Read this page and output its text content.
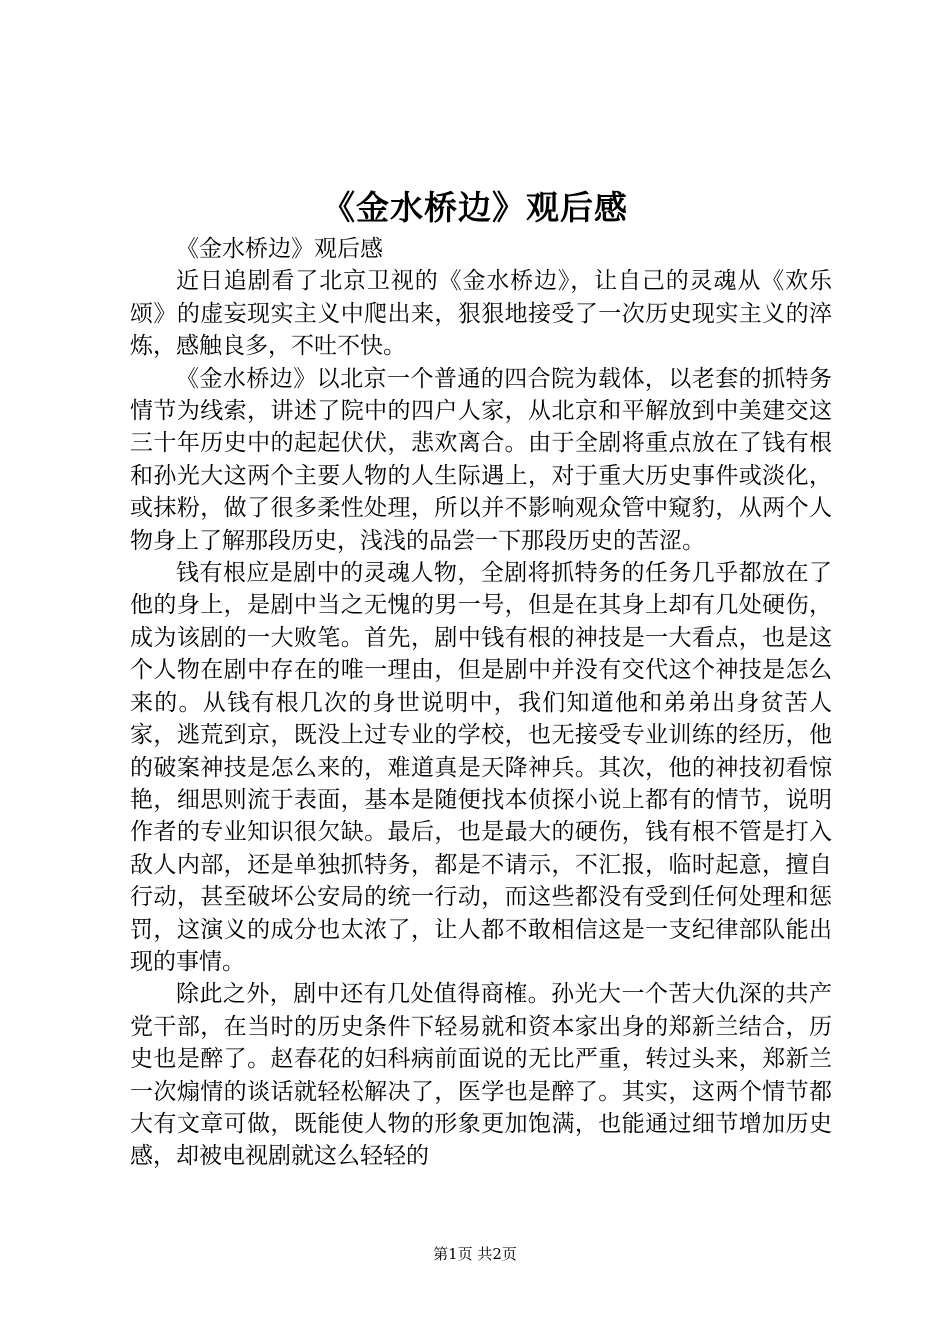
《金水桥边》观后感

《金水桥边》观后感

近日追剧看了北京卫视的《金水桥边》，让自己的灵魂从《欢乐颂》的虚妄现实主义中爬出来，狠狠地接受了一次历史现实主义的淬炼，感触良多，不吐不快。

《金水桥边》以北京一个普通的四合院为载体，以老套的抓特务情节为线索，讲述了院中的四户人家，从北京和平解放到中美建交这三十年历史中的起起伏伏，悲欢离合。由于全剧将重点放在了钱有根和孙光大这两个主要人物的人生际遇上，对于重大历史事件或淡化，或抹粉，做了很多柔性处理，所以并不影响观众管中窥豹，从两个人物身上了解那段历史，浅浅的品尝一下那段历史的苦涩。

钱有根应是剧中的灵魂人物，全剧将抓特务的任务几乎都放在了他的身上，是剧中当之无愧的男一号，但是在其身上却有几处硬伤，成为该剧的一大败笔。首先，剧中钱有根的神技是一大看点，也是这个人物在剧中存在的唯一理由，但是剧中并没有交代这个神技是怎么来的。从钱有根几次的身世说明中，我们知道他和弟弟出身贫苦人家，逃荒到京，既没上过专业的学校，也无接受专业训练的经历，他的破案神技是怎么来的，难道真是天降神兵。其次，他的神技初看惊艳，细思则流于表面，基本是随便找本侦探小说上都有的情节，说明作者的专业知识很欠缺。最后，也是最大的硬伤，钱有根不管是打入敌人内部，还是单独抓特务，都是不请示，不汇报，临时起意，擅自行动，甚至破坏公安局的统一行动，而这些都没有受到任何处理和惩罚，这演义的成分也太浓了，让人都不敢相信这是一支纪律部队能出现的事情。

除此之外，剧中还有几处值得商榷。孙光大一个苦大仇深的共产党干部，在当时的历史条件下轻易就和资本家出身的郑新兰结合，历史也是醉了。赵春花的妇科病前面说的无比严重，转过头来，郑新兰一次煽情的谈话就轻松解决了，医学也是醉了。其实，这两个情节都大有文章可做，既能使人物的形象更加饱满，也能通过细节增加历史感，却被电视剧就这么轻轻的

第1页 共2页
